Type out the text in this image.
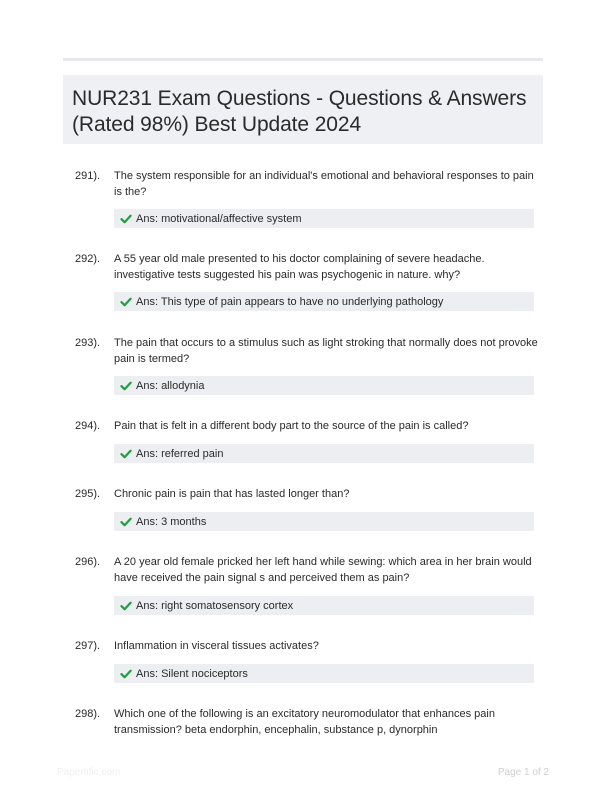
NUR231 Exam Questions - Questions & Answers
(Rated 98%) Best Update 2024
291). The system responsible for an individual's emotional and behavioral responses to pain is the?
Ans: motivational/affective system
292). A 55 year old male presented to his doctor complaining of severe headache. investigative tests suggested his pain was psychogenic in nature. why?
Ans: This type of pain appears to have no underlying pathology
293). The pain that occurs to a stimulus such as light stroking that normally does not provoke pain is termed?
Ans: allodynia
294). Pain that is felt in a different body part to the source of the pain is called?
Ans: referred pain
295). Chronic pain is pain that has lasted longer than?
Ans: 3 months
296). A 20 year old female pricked her left hand while sewing: which area in her brain would have received the pain signal s and perceived them as pain?
Ans: right somatosensory cortex
297). Inflammation in visceral tissues activates?
Ans: Silent nociceptors
298). Which one of the following is an excitatory neuromodulator that enhances pain transmission? beta endorphin, encephalin, substance p, dynorphin
Papertific.com	Page 1 of 2
